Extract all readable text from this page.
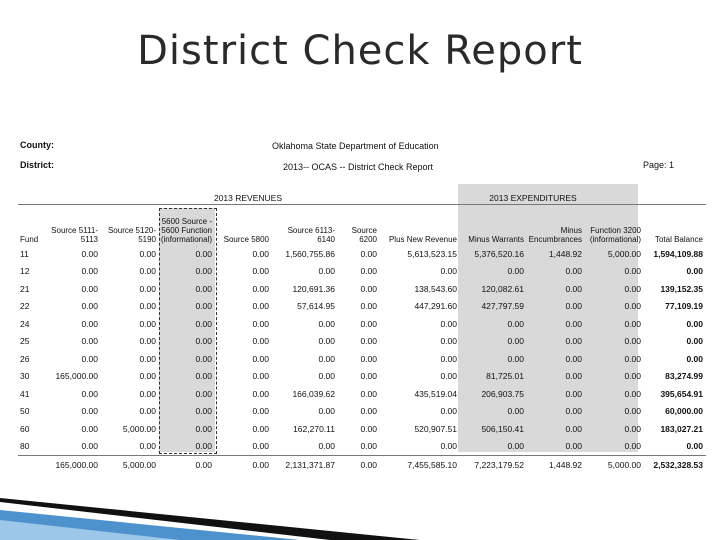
District Check Report
County:
District:
Oklahoma State Department of Education
2013-- OCAS -- District Check Report	Page: 1
2013 REVENUES	2013 EXPENDITURES
Fund	Source 5111-5113	Source 5120-5190	5600 Source - 5600 Function (informational)	Source 5800	Source 6113-6140	Source 6200	Plus New Revenue	Minus Warrants	Minus Encumbrances	Function 3200 (informational)	Total Balance
11	0.00	0.00	0.00	0.00	1,560,755.86	0.00	5,613,523.15	5,376,520.16	1,448.92	5,000.00	1,594,109.88
12	0.00	0.00	0.00	0.00	0.00	0.00	0.00	0.00	0.00	0.00	0.00
21	0.00	0.00	0.00	0.00	120,691.36	0.00	138,543.60	120,082.61	0.00	0.00	139,152.35
22	0.00	0.00	0.00	0.00	57,614.95	0.00	447,291.60	427,797.59	0.00	0.00	77,109.19
24	0.00	0.00	0.00	0.00	0.00	0.00	0.00	0.00	0.00	0.00	0.00
25	0.00	0.00	0.00	0.00	0.00	0.00	0.00	0.00	0.00	0.00	0.00
26	0.00	0.00	0.00	0.00	0.00	0.00	0.00	0.00	0.00	0.00	0.00
30	165,000.00	0.00	0.00	0.00	0.00	0.00	0.00	81,725.01	0.00	0.00	83,274.99
41	0.00	0.00	0.00	0.00	166,039.62	0.00	435,519.04	206,903.75	0.00	0.00	395,654.91
50	0.00	0.00	0.00	0.00	0.00	0.00	0.00	0.00	0.00	0.00	60,000.00
60	0.00	5,000.00	0.00	0.00	162,270.11	0.00	520,907.51	506,150.41	0.00	0.00	183,027.21
80	0.00	0.00	0.00	0.00	0.00	0.00	0.00	0.00	0.00	0.00	0.00
	165,000.00	5,000.00	0.00	0.00	2,131,371.87	0.00	7,455,585.10	7,223,179.52	1,448.92	5,000.00	2,532,328.53
